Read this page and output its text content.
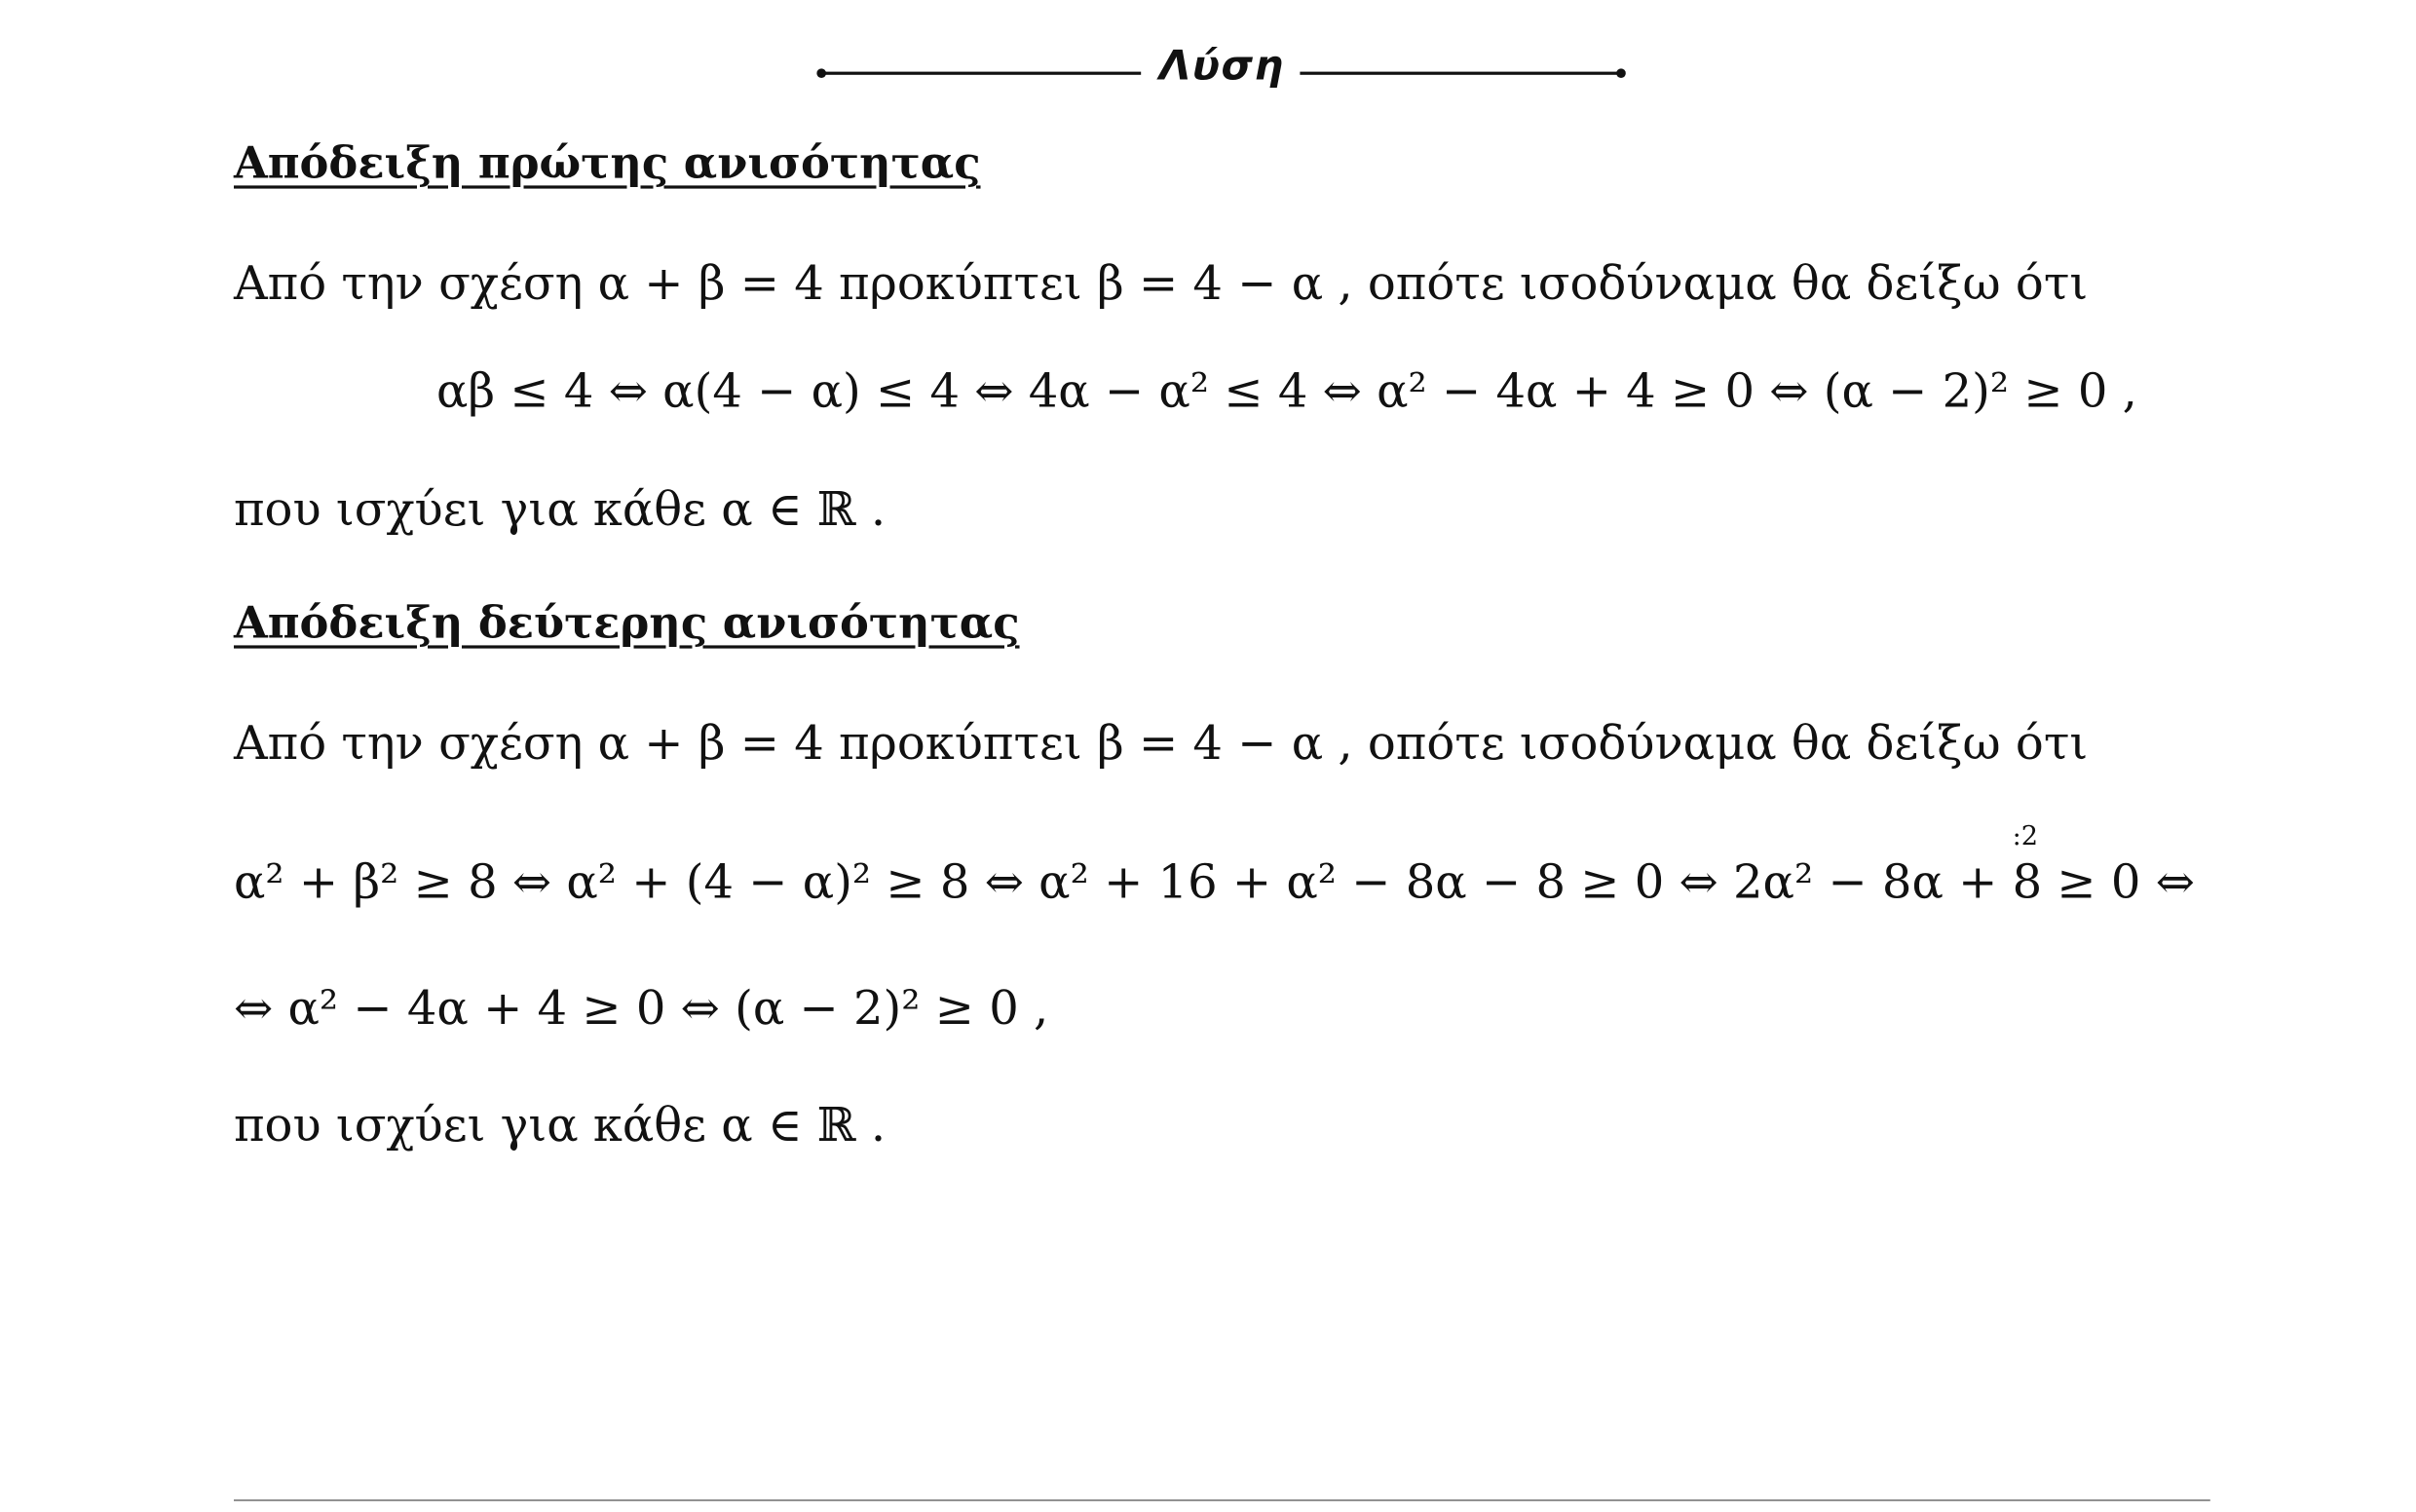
Λύση
Απόδειξη πρώτης ανισότητας
Από την σχέση α + β = 4 προκύπτει β = 4 − α , οπότε ισοδύναμα θα δείξω ότι
αβ ≤ 4 ⇔ α(4 − α) ≤ 4 ⇔ 4α − α² ≤ 4 ⇔ α² − 4α + 4 ≥ 0 ⇔ (α − 2)² ≥ 0 ,
που ισχύει για κάθε α ∈ ℝ .
Απόδειξη δεύτερης ανισότητας
Από την σχέση α + β = 4 προκύπτει β = 4 − α , οπότε ισοδύναμα θα δείξω ότι
:2
α² + β² ≥ 8 ⇔ α² + (4 − α)² ≥ 8 ⇔ α² + 16 + α² − 8α − 8 ≥ 0 ⇔ 2α² − 8α + 8 ≥ 0 ⇔
⇔ α² − 4α + 4 ≥ 0 ⇔ (α − 2)² ≥ 0 ,
που ισχύει για κάθε α ∈ ℝ .
